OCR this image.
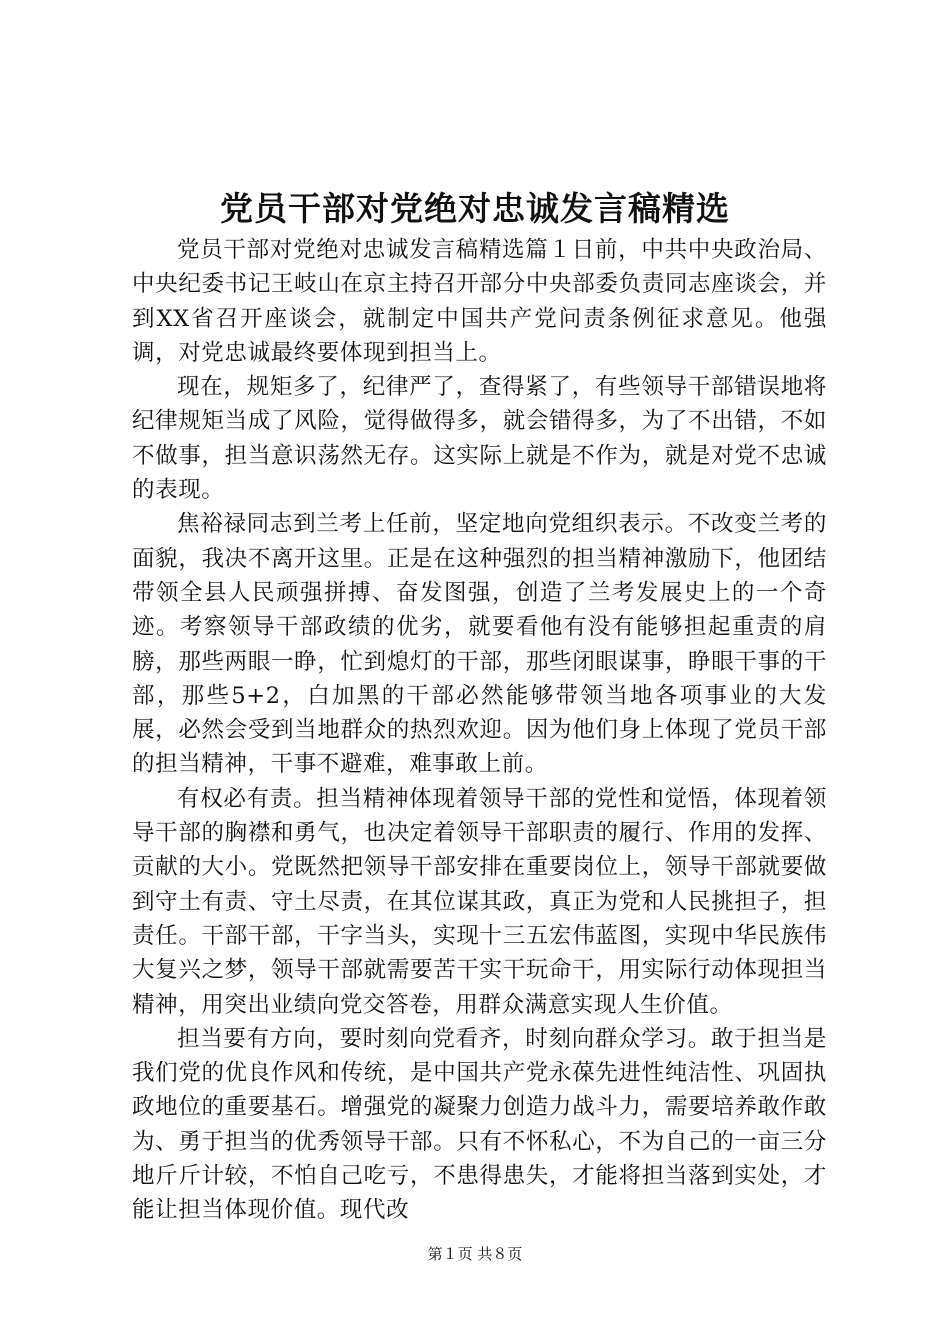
党员干部对党绝对忠诚发言稿精选

党员干部对党绝对忠诚发言稿精选篇１日前，中共中央政治局、中央纪委书记王岐山在京主持召开部分中央部委负责同志座谈会，并到XX省召开座谈会，就制定中国共产党问责条例征求意见。他强调，对党忠诚最终要体现到担当上。

现在，规矩多了，纪律严了，查得紧了，有些领导干部错误地将纪律规矩当成了风险，觉得做得多，就会错得多，为了不出错，不如不做事，担当意识荡然无存。这实际上就是不作为，就是对党不忠诚的表现。

焦裕禄同志到兰考上任前，坚定地向党组织表示。不改变兰考的面貌，我决不离开这里。正是在这种强烈的担当精神激励下，他团结带领全县人民顽强拼搏、奋发图强，创造了兰考发展史上的一个奇迹。考察领导干部政绩的优劣，就要看他有没有能够担起重责的肩膀，那些两眼一睁，忙到熄灯的干部，那些闭眼谋事，睁眼干事的干部，那些5+2，白加黑的干部必然能够带领当地各项事业的大发展，必然会受到当地群众的热烈欢迎。因为他们身上体现了党员干部的担当精神，干事不避难，难事敢上前。

有权必有责。担当精神体现着领导干部的党性和觉悟，体现着领导干部的胸襟和勇气，也决定着领导干部职责的履行、作用的发挥、贡献的大小。党既然把领导干部安排在重要岗位上，领导干部就要做到守土有责、守土尽责，在其位谋其政，真正为党和人民挑担子，担责任。干部干部，干字当头，实现十三五宏伟蓝图，实现中华民族伟大复兴之梦，领导干部就需要苦干实干玩命干，用实际行动体现担当精神，用突出业绩向党交答卷，用群众满意实现人生价值。

担当要有方向，要时刻向党看齐，时刻向群众学习。敢于担当是我们党的优良作风和传统，是中国共产党永葆先进性纯洁性、巩固执政地位的重要基石。增强党的凝聚力创造力战斗力，需要培养敢作敢为、勇于担当的优秀领导干部。只有不怀私心，不为自己的一亩三分地斤斤计较，不怕自己吃亏，不患得患失，才能将担当落到实处，才能让担当体现价值。现代改

第１页 共８页
